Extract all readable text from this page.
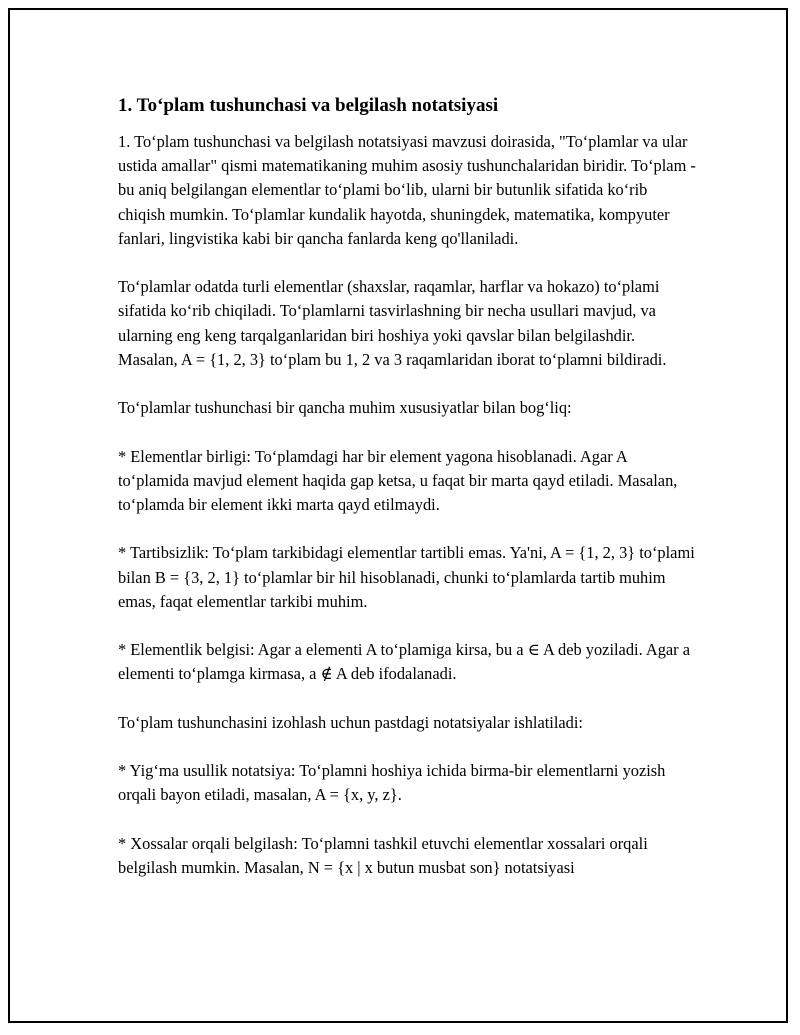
1. To‘plam tushunchasi va belgilash notatsiyasi

1. To‘plam tushunchasi va belgilash notatsiyasi mavzusi doirasida, "To‘plamlar va ular ustida amallar" qismi matematikaning muhim asosiy tushunchalaridan biridir. To‘plam - bu aniq belgilangan elementlar to‘plami bo‘lib, ularni bir butunlik sifatida ko‘rib chiqish mumkin. To‘plamlar kundalik hayotda, shuningdek, matematika, kompyuter fanlari, lingvistika kabi bir qancha fanlarda keng qo'llaniladi.

To‘plamlar odatda turli elementlar (shaxslar, raqamlar, harflar va hokazo) to‘plami sifatida ko‘rib chiqiladi. To‘plamlarni tasvirlashning bir necha usullari mavjud, va ularning eng keng tarqalganlaridan biri hoshiya yoki qavslar bilan belgilashdir. Masalan, A = {1, 2, 3} to‘plam bu 1, 2 va 3 raqamlaridan iborat to‘plamni bildiradi.

To‘plamlar tushunchasi bir qancha muhim xususiyatlar bilan bog‘liq:

* Elementlar birligi: To‘plamdagi har bir element yagona hisoblanadi. Agar A to‘plamida mavjud element haqida gap ketsa, u faqat bir marta qayd etiladi. Masalan, to‘plamda bir element ikki marta qayd etilmaydi.

* Tartibsizlik: To‘plam tarkibidagi elementlar tartibli emas. Ya'ni, A = {1, 2, 3} to‘plami bilan B = {3, 2, 1} to‘plamlar bir hil hisoblanadi, chunki to‘plamlarda tartib muhim emas, faqat elementlar tarkibi muhim.

* Elementlik belgisi: Agar a elementi A to‘plamiga kirsa, bu a ∈ A deb yoziladi. Agar a elementi to‘plamga kirmasa, a ∉ A deb ifodalanadi.

To‘plam tushunchasini izohlash uchun pastdagi notatsiyalar ishlatiladi:

* Yig‘ma usullik notatsiya: To‘plamni hoshiya ichida birma-bir elementlarni yozish orqali bayon etiladi, masalan, A = {x, y, z}.

* Xossalar orqali belgilash: To‘plamni tashkil etuvchi elementlar xossalari orqali belgilash mumkin. Masalan, N = {x | x butun musbat son} notatsiyasi
